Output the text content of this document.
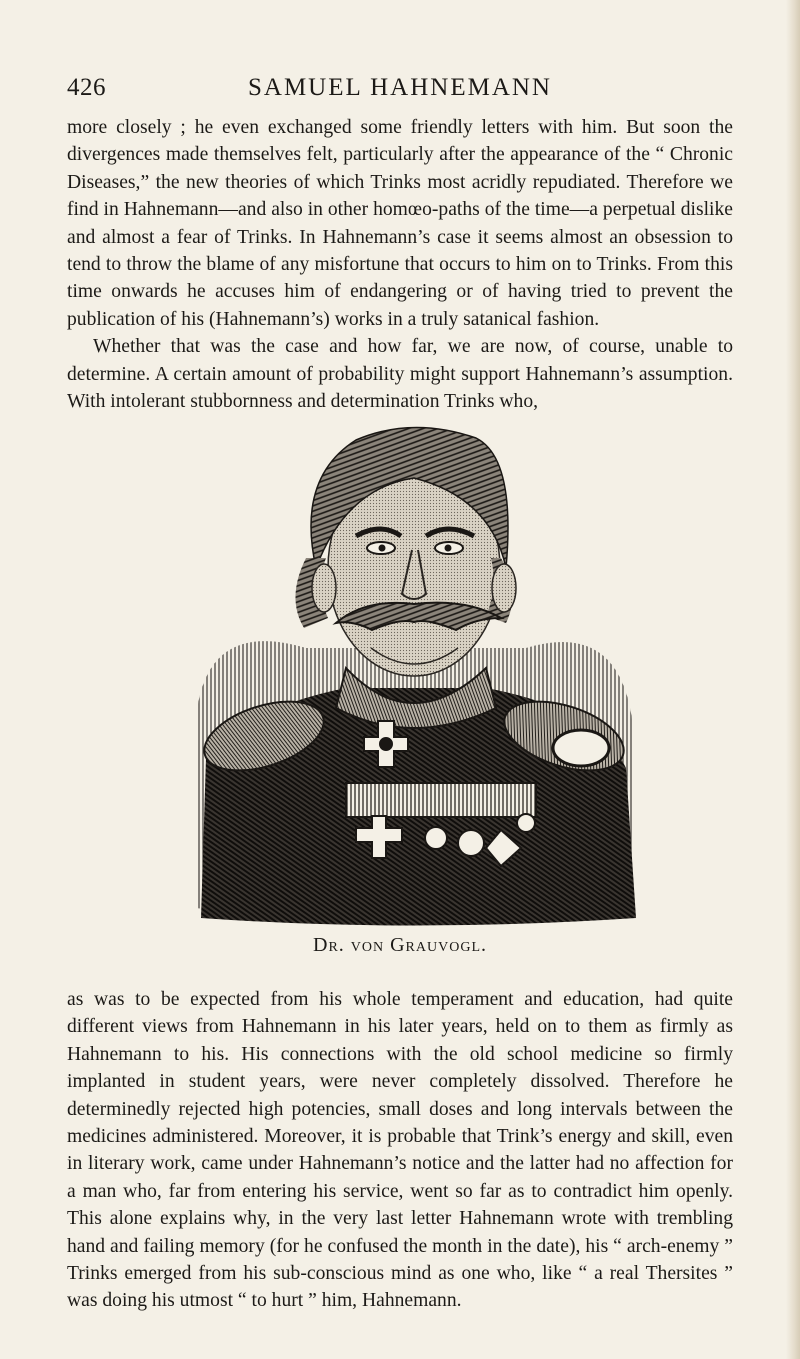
426	SAMUEL HAHNEMANN

more closely ; he even exchanged some friendly letters with him. But soon the divergences made themselves felt, particularly after the appearance of the “ Chronic Diseases,” the new theories of which Trinks most acridly repudiated. Therefore we find in Hahnemann—and also in other homœo-paths of the time—a perpetual dislike and almost a fear of Trinks. In Hahnemann’s case it seems almost an obsession to tend to throw the blame of any misfortune that occurs to him on to Trinks. From this time onwards he accuses him of endangering or of having tried to prevent the publication of his (Hahnemann’s) works in a truly satanical fashion.

Whether that was the case and how far, we are now, of course, unable to determine. A certain amount of probability might support Hahnemann’s assumption. With intolerant stubbornness and determination Trinks who,

Dr. von Grauvogl.

as was to be expected from his whole temperament and education, had quite different views from Hahnemann in his later years, held on to them as firmly as Hahnemann to his. His connections with the old school medicine so firmly implanted in student years, were never completely dissolved. Therefore he determinedly rejected high potencies, small doses and long intervals between the medicines administered. Moreover, it is probable that Trink’s energy and skill, even in literary work, came under Hahnemann’s notice and the latter had no affection for a man who, far from entering his service, went so far as to contradict him openly. This alone explains why, in the very last letter Hahnemann wrote with trembling hand and failing memory (for he confused the month in the date), his “ arch-enemy ” Trinks emerged from his sub-conscious mind as one who, like “ a real Thersites ” was doing his utmost “ to hurt ” him, Hahnemann.
